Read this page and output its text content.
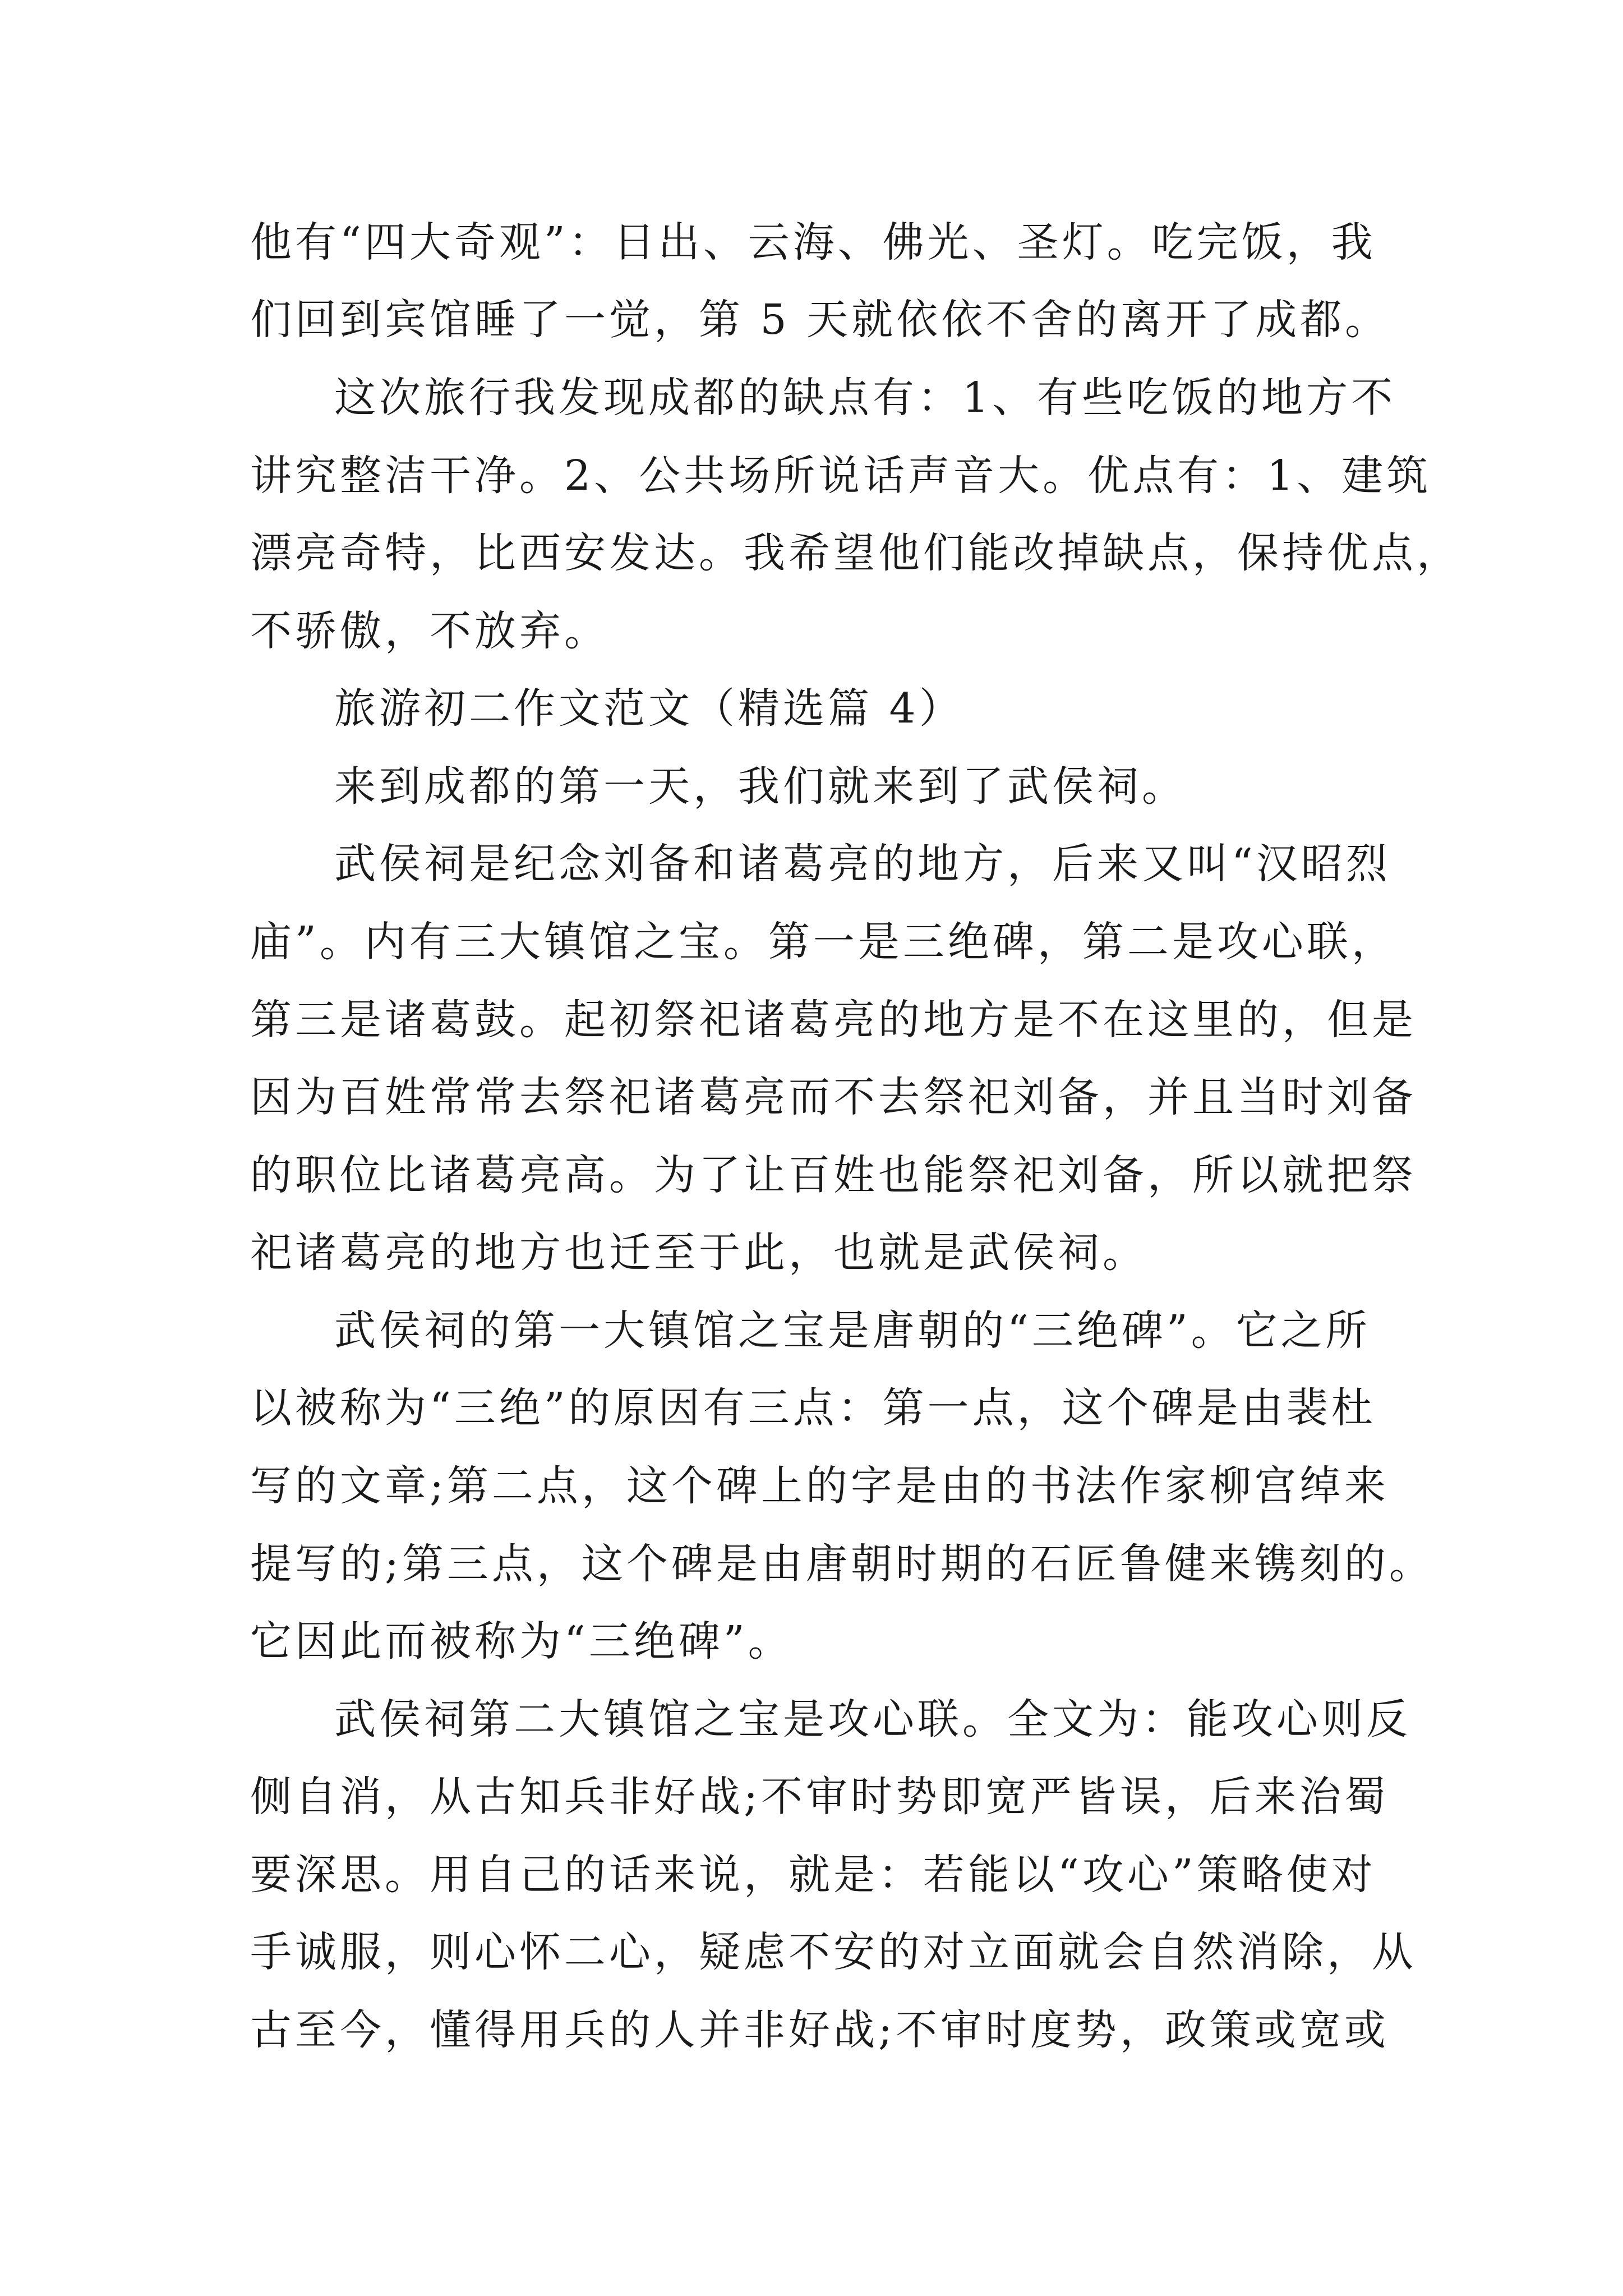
他有“四大奇观”：日出、云海、佛光、圣灯。吃完饭，我
们回到宾馆睡了一觉，第 5 天就依依不舍的离开了成都。
这次旅行我发现成都的缺点有：1、有些吃饭的地方不
讲究整洁干净。2、公共场所说话声音大。优点有：1、建筑
漂亮奇特，比西安发达。我希望他们能改掉缺点，保持优点，
不骄傲，不放弃。
旅游初二作文范文（精选篇 4）
来到成都的第一天，我们就来到了武侯祠。
武侯祠是纪念刘备和诸葛亮的地方，后来又叫“汉昭烈
庙”。内有三大镇馆之宝。第一是三绝碑，第二是攻心联，
第三是诸葛鼓。起初祭祀诸葛亮的地方是不在这里的，但是
因为百姓常常去祭祀诸葛亮而不去祭祀刘备，并且当时刘备
的职位比诸葛亮高。为了让百姓也能祭祀刘备，所以就把祭
祀诸葛亮的地方也迁至于此，也就是武侯祠。
武侯祠的第一大镇馆之宝是唐朝的“三绝碑”。它之所
以被称为“三绝”的原因有三点：第一点，这个碑是由裴杜
写的文章;第二点，这个碑上的字是由的书法作家柳宫绰来
提写的;第三点，这个碑是由唐朝时期的石匠鲁健来镌刻的。
它因此而被称为“三绝碑”。
武侯祠第二大镇馆之宝是攻心联。全文为：能攻心则反
侧自消，从古知兵非好战;不审时势即宽严皆误，后来治蜀
要深思。用自己的话来说，就是：若能以“攻心”策略使对
手诚服，则心怀二心，疑虑不安的对立面就会自然消除，从
古至今，懂得用兵的人并非好战;不审时度势，政策或宽或
